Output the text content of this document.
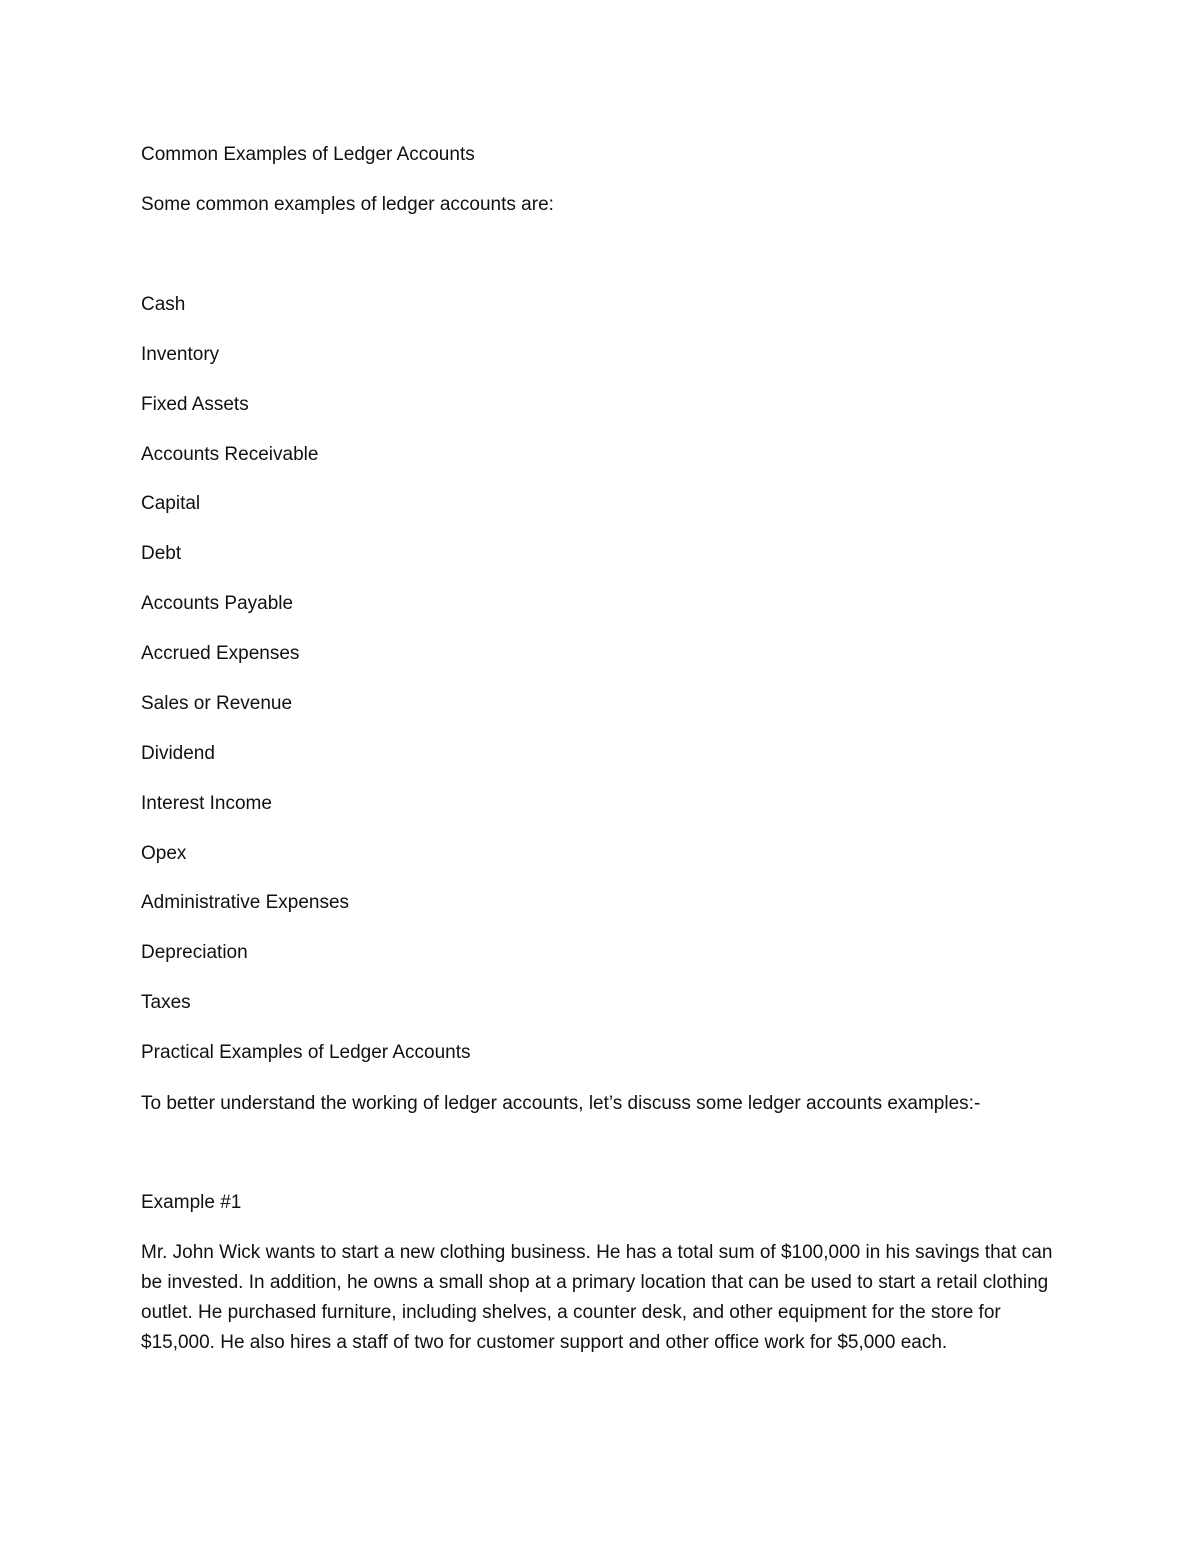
Common Examples of Ledger Accounts

Some common examples of ledger accounts are:

Cash

Inventory

Fixed Assets

Accounts Receivable

Capital

Debt

Accounts Payable

Accrued Expenses

Sales or Revenue

Dividend

Interest Income

Opex

Administrative Expenses

Depreciation

Taxes

Practical Examples of Ledger Accounts

To better understand the working of ledger accounts, let’s discuss some ledger accounts examples:-

Example #1

Mr. John Wick wants to start a new clothing business. He has a total sum of $100,000 in his savings that can be invested. In addition, he owns a small shop at a primary location that can be used to start a retail clothing outlet. He purchased furniture, including shelves, a counter desk, and other equipment for the store for $15,000. He also hires a staff of two for customer support and other office work for $5,000 each.
